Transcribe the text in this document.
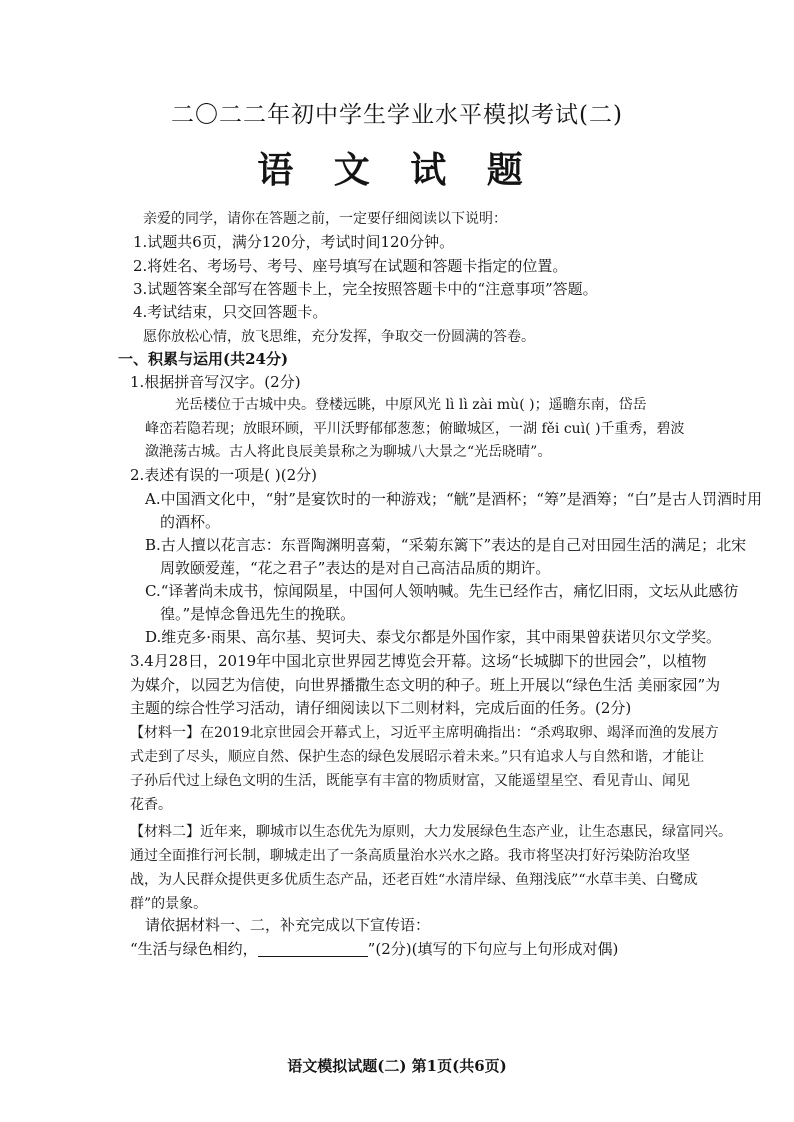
二〇二二年初中学生学业水平模拟考试(二)
语 文 试 题
亲爱的同学，请你在答题之前，一定要仔细阅读以下说明：
1.试题共6页，满分120分，考试时间120分钟。
2.将姓名、考场号、考号、座号填写在试题和答题卡指定的位置。
3.试题答案全部写在答题卡上，完全按照答题卡中的“注意事项”答题。
4.考试结束，只交回答题卡。
愿你放松心情，放飞思维，充分发挥，争取交一份圆满的答卷。
一、积累与运用(共24分)
1.根据拼音写汉字。(2分)
光岳楼位于古城中央。登楼远眺，中原风光 lì lì zài mù( )；遥瞻东南，岱岳
峰峦若隐若现；放眼环顾，平川沃野郁郁葱葱；俯瞰城区，一湖 fěi cuì( )千重秀，碧波
潋滟荡古城。古人将此良辰美景称之为聊城八大景之“光岳晓晴”。
2.表述有误的一项是( )(2分)
A.中国酒文化中，“射”是宴饮时的一种游戏；“觥”是酒杯；“筹”是酒筹；“白”是古人罚酒时用
的酒杯。
B.古人擅以花言志：东晋陶渊明喜菊，“采菊东篱下”表达的是自己对田园生活的满足；北宋
周敦颐爱莲，“花之君子”表达的是对自己高洁品质的期许。
C.“译著尚未成书，惊闻陨星，中国何人领呐喊。先生已经作古，痛忆旧雨，文坛从此感彷
徨。”是悼念鲁迅先生的挽联。
D.维克多·雨果、高尔基、契诃夫、泰戈尔都是外国作家，其中雨果曾获诺贝尔文学奖。
3.4月28日，2019年中国北京世界园艺博览会开幕。这场“长城脚下的世园会”，以植物
为媒介，以园艺为信使，向世界播撒生态文明的种子。班上开展以“绿色生活 美丽家园”为
主题的综合性学习活动，请仔细阅读以下二则材料，完成后面的任务。(2分)
【材料一】在2019北京世园会开幕式上，习近平主席明确指出：“杀鸡取卵、竭泽而渔的发展方
式走到了尽头，顺应自然、保护生态的绿色发展昭示着未来。”只有追求人与自然和谐，才能让
子孙后代过上绿色文明的生活，既能享有丰富的物质财富，又能遥望星空、看见青山、闻见
花香。
【材料二】近年来，聊城市以生态优先为原则，大力发展绿色生态产业，让生态惠民，绿富同兴。
通过全面推行河长制，聊城走出了一条高质量治水兴水之路。我市将坚决打好污染防治攻坚
战，为人民群众提供更多优质生态产品，还老百姓“水清岸绿、鱼翔浅底”“水草丰美、白鹭成
群”的景象。
请依据材料一、二，补充完成以下宣传语：
“生活与绿色相约，	”(2分)(填写的下句应与上句形成对偶)
语文模拟试题(二) 第1页(共6页)
